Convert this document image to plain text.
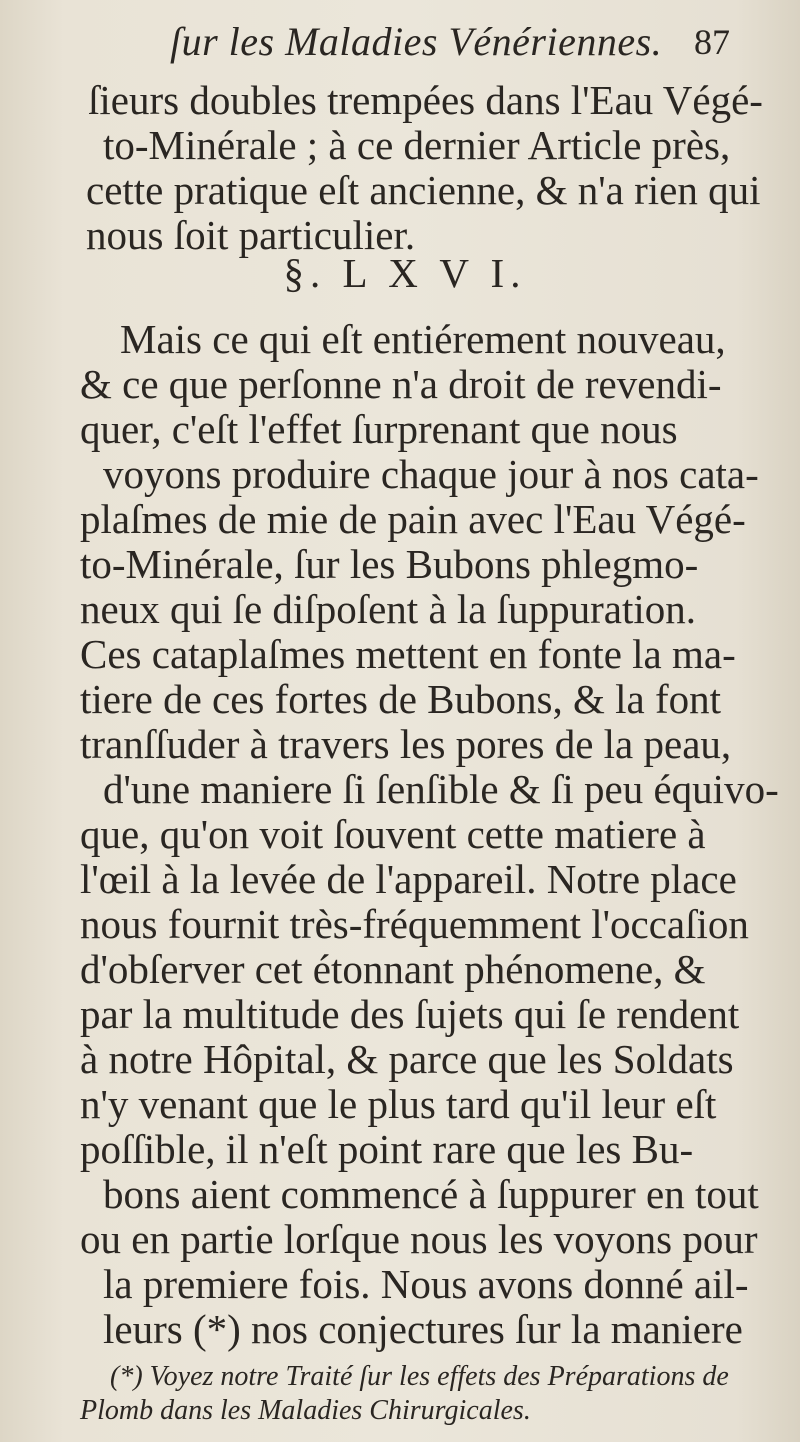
ſur les Maladies Vénériennes. 87
ſieurs doubles trempées dans l'Eau Végé-
to-Minérale ; à ce dernier Article près,
cette pratique eſt ancienne, & n'a rien qui
nous ſoit particulier.
§. L X V I.
Mais ce qui eſt entiérement nouveau,
& ce que perſonne n'a droit de revendi-
quer, c'eſt l'effet ſurprenant que nous
voyons produire chaque jour à nos cata-
plaſmes de mie de pain avec l'Eau Végé-
to-Minérale, ſur les Bubons phlegmo-
neux qui ſe diſpoſent à la ſuppuration.
Ces cataplaſmes mettent en fonte la ma-
tiere de ces fortes de Bubons, & la font
tranſſuder à travers les pores de la peau,
d'une maniere ſi ſenſible & ſi peu équivo-
que, qu'on voit ſouvent cette matiere à
l'œil à la levée de l'appareil. Notre place
nous fournit très-fréquemment l'occaſion
d'obſerver cet étonnant phénomene, &
par la multitude des ſujets qui ſe rendent
à notre Hôpital, & parce que les Soldats
n'y venant que le plus tard qu'il leur eſt
poſſible, il n'eſt point rare que les Bu-
bons aient commencé à ſuppurer en tout
ou en partie lorſque nous les voyons pour
la premiere fois. Nous avons donné ail-
leurs (*) nos conjectures ſur la maniere
(*) Voyez notre Traité ſur les effets des Préparations de
Plomb dans les Maladies Chirurgicales.
